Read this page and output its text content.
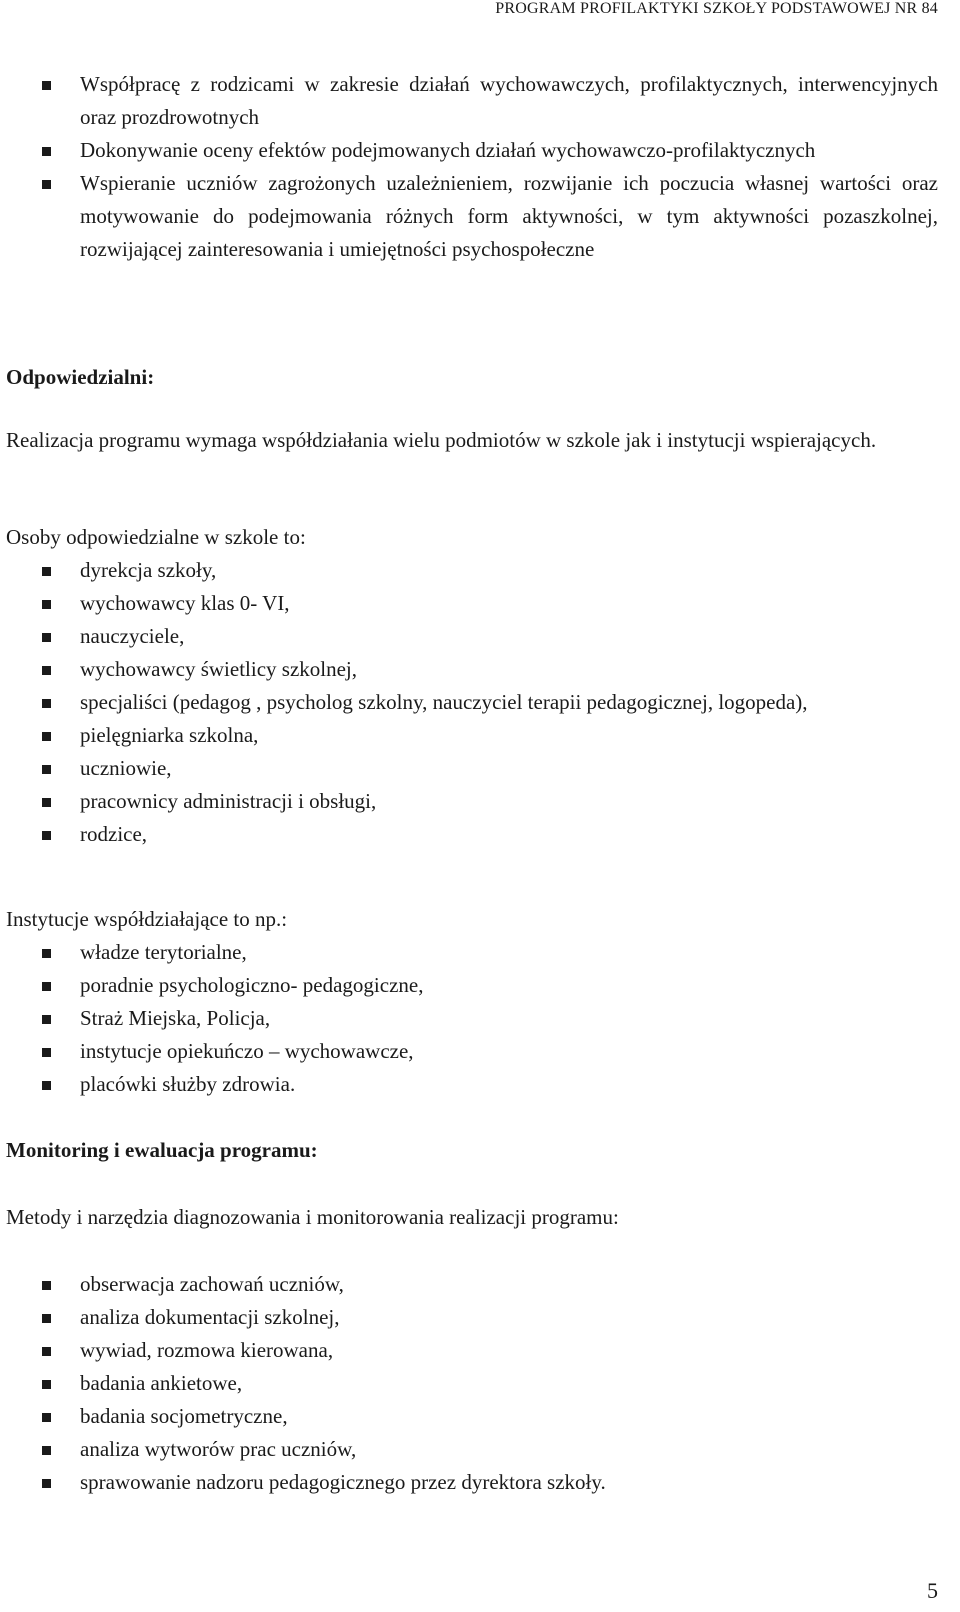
PROGRAM PROFILAKTYKI SZKOŁY PODSTAWOWEJ NR 84
Współpracę z rodzicami w zakresie działań wychowawczych, profilaktycznych, interwencyjnych oraz prozdrowotnych
Dokonywanie oceny efektów podejmowanych działań wychowawczo-profilaktycznych
Wspieranie uczniów zagrożonych uzależnieniem, rozwijanie ich poczucia własnej wartości oraz motywowanie do podejmowania różnych form aktywności, w tym aktywności pozaszkolnej, rozwijającej zainteresowania i umiejętności psychospołeczne

Odpowiedzialni:

Realizacja programu wymaga współdziałania wielu podmiotów w szkole jak i instytucji wspierających.

Osoby odpowiedzialne w szkole to:

dyrekcja szkoły,
wychowawcy klas 0- VI,
nauczyciele,
wychowawcy świetlicy szkolnej,
specjaliści (pedagog , psycholog szkolny, nauczyciel terapii pedagogicznej, logopeda),
pielęgniarka szkolna,
uczniowie,
pracownicy administracji i obsługi,
rodzice,

Instytucje współdziałające to np.:

władze terytorialne,
poradnie psychologiczno- pedagogiczne,
Straż Miejska, Policja,
instytucje opiekuńczo – wychowawcze,
placówki służby zdrowia.

Monitoring i ewaluacja programu:

Metody i narzędzia diagnozowania i monitorowania realizacji programu:

obserwacja zachowań uczniów,
analiza dokumentacji szkolnej,
wywiad, rozmowa kierowana,
badania ankietowe,
badania socjometryczne,
analiza wytworów prac uczniów,
sprawowanie nadzoru pedagogicznego przez dyrektora szkoły.
5
